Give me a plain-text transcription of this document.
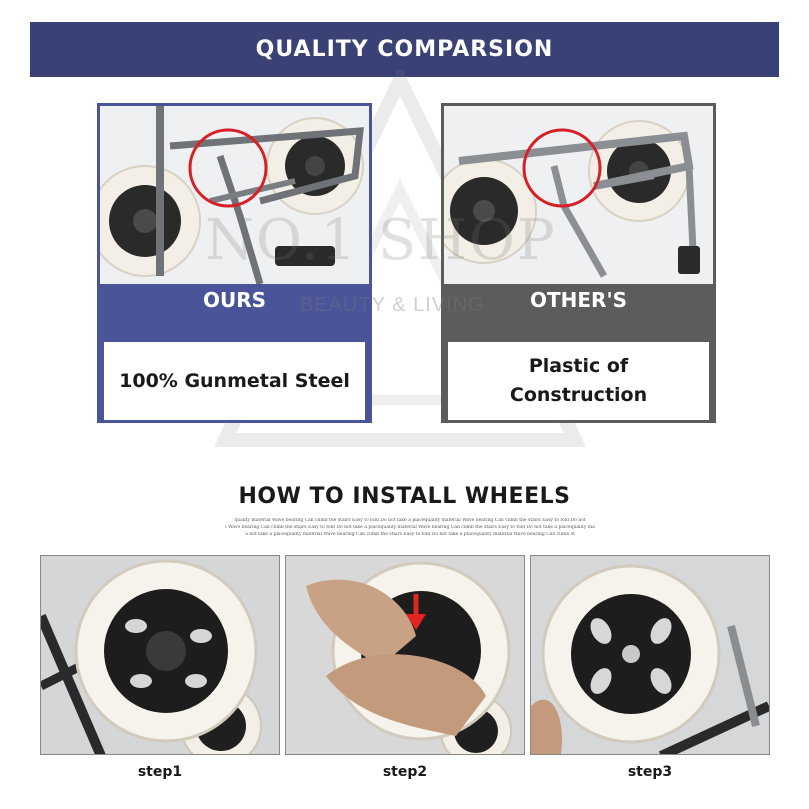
QUALITY COMPARSION
OURS
100% Gunmetal Steel
OTHER'S
Plastic of
Construction
NO.1 SHOP
BEAUTY & LIVING
HOW TO INSTALL WHEELS
quality material Wave bearing Can climb the stairs Easy to fold Do not take a placequality material Wave bearing Can climb the stairs Easy to fold Do not
l Wave bearing Can climb the stairs Easy to fold Do not take a placequality material Wave bearing Can climb the stairs Easy to fold Do not take a placequality ma
a not take a placequality material Wave bearing Can climb the stairs Easy to fold Do not take a placequality material Wave bearing Can climb st
step1	step2	step3
